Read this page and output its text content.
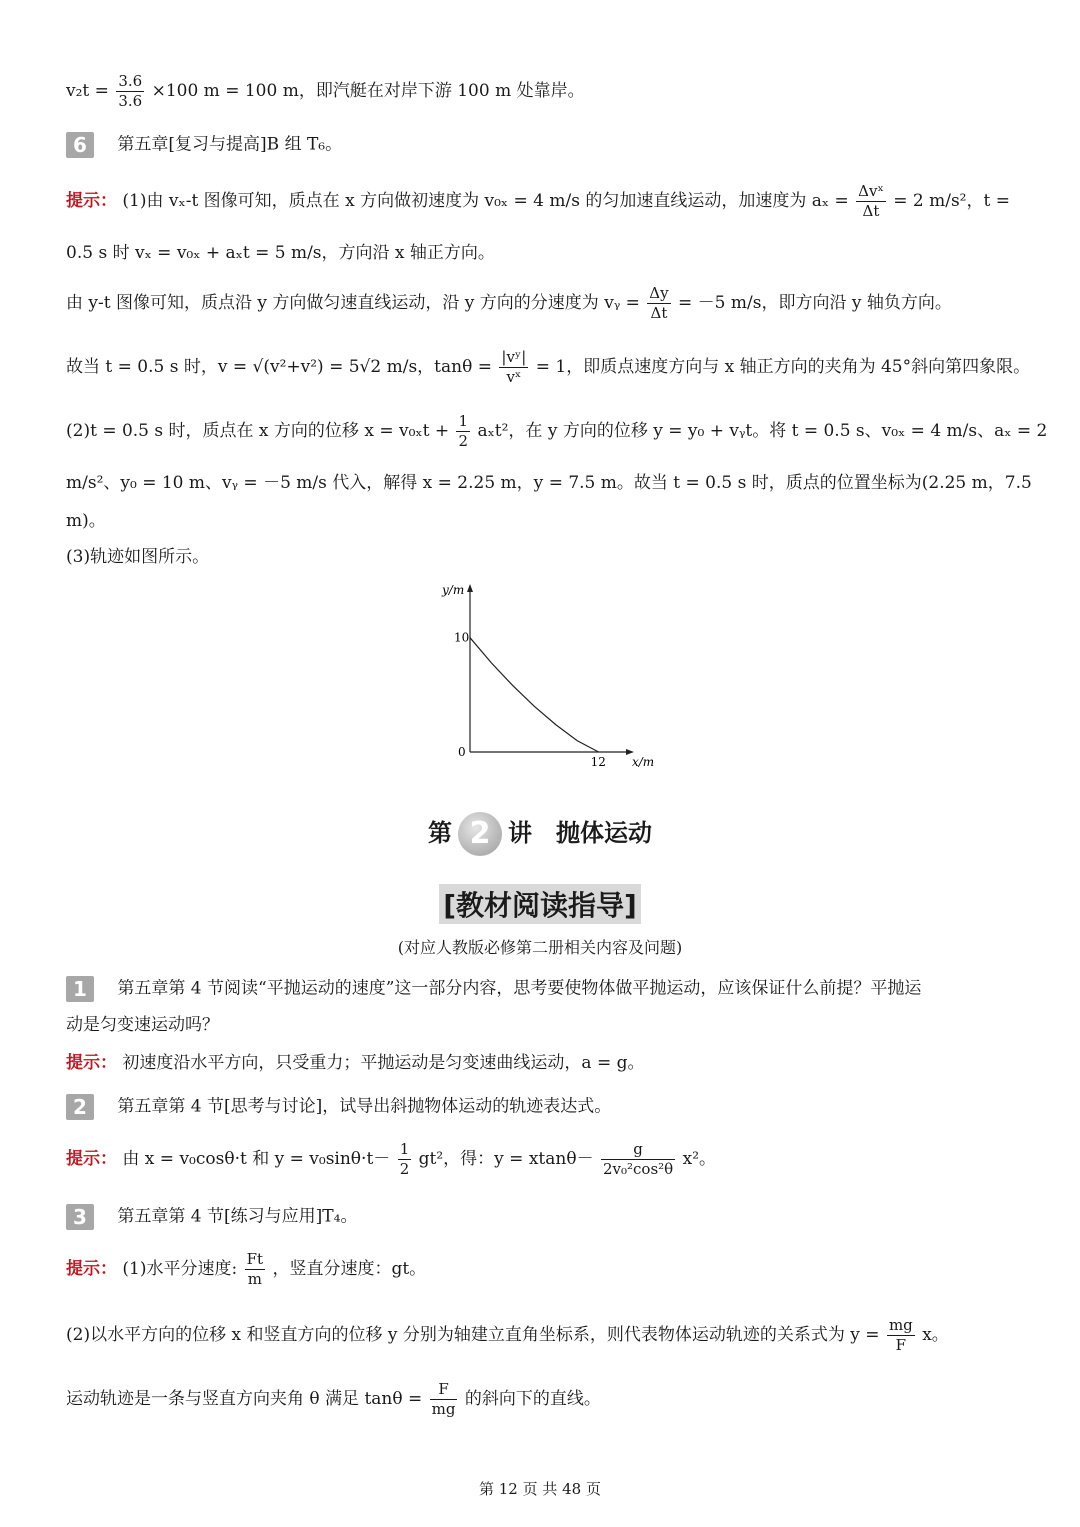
$v_2t = \frac{3.6}{3.6} \times 100$ m = 100 m，即汽艇在对岸下游 100 m 处靠岸。
6 第五章[复习与提高]B 组 T₆。
提示： (1)由 vₓ-t 图像可知，质点在 x 方向做初速度为 v₀ₓ = 4 m/s 的匀加速直线运动，加速度为 $a_x = \frac{\text{Δvˣ}}{\Delta t} = 2$ m/s²，t =
0.5 s 时 vₓ = v₀ₓ + aₓt = 5 m/s，方向沿 x 轴正方向。
由 y-t 图像可知，质点沿 y 方向做匀速直线运动，沿 y 方向的分速度为 vᵧ = $\frac{\Delta y}{\Delta t} = -5$ m/s，即方向沿 y 轴负方向。
故当 t = 0.5 s 时，v = √(v²+v²) = 5√2 m/s，$\tan\theta = \frac{\text{|vʸ|}}{\text{vˣ}} = 1$，即质点速度方向与 x 轴正方向的夹角为 45°斜向第四象限。
(2)t = 0.5 s 时，质点在 x 方向的位移 $x = v_{0x}t + \frac{1}{2} a_xt^2$，在 y 方向的位移 y = y₀ + vᵧt。将 t = 0.5 s、v₀ₓ = 4 m/s、aₓ = 2
m/s²、y₀ = 10 m、vᵧ = －5 m/s 代入，解得 x = 2.25 m，y = 7.5 m。故当 t = 0.5 s 时，质点的位置坐标为(2.25 m，7.5
m)。
(3)轨迹如图所示。
y/m
x/m
0
10
12
第 2 讲　抛体运动
[教材阅读指导]
(对应人教版必修第二册相关内容及问题)
1 第五章第 4 节阅读“平抛运动的速度”这一部分内容，思考要使物体做平抛运动，应该保证什么前提？平抛运
动是匀变速运动吗？
提示： 初速度沿水平方向，只受重力；平抛运动是匀变速曲线运动，a = g。
2 第五章第 4 节[思考与讨论]，试导出斜抛物体运动的轨迹表达式。
提示： 由 x = v₀cosθ·t 和 $y = v_0\sin\theta\cdot t- \frac{1}{2} gt^2$，得：$y = xtan\theta- \frac{g}{\text{2v₀²cos²θ}} x^2$。
3 第五章第 4 节[练习与应用]T₄。
提示： (1)水平分速度: $\frac{Ft}{m}$ ，竖直分速度：gt。
(2)以水平方向的位移 x 和竖直方向的位移 y 分别为轴建立直角坐标系，则代表物体运动轨迹的关系式为 $y = \frac{mg}{F}$ x。
运动轨迹是一条与竖直方向夹角 θ 满足 $\tan\theta = \frac{F}{mg}$ 的斜向下的直线。
第 12 页 共 48 页
